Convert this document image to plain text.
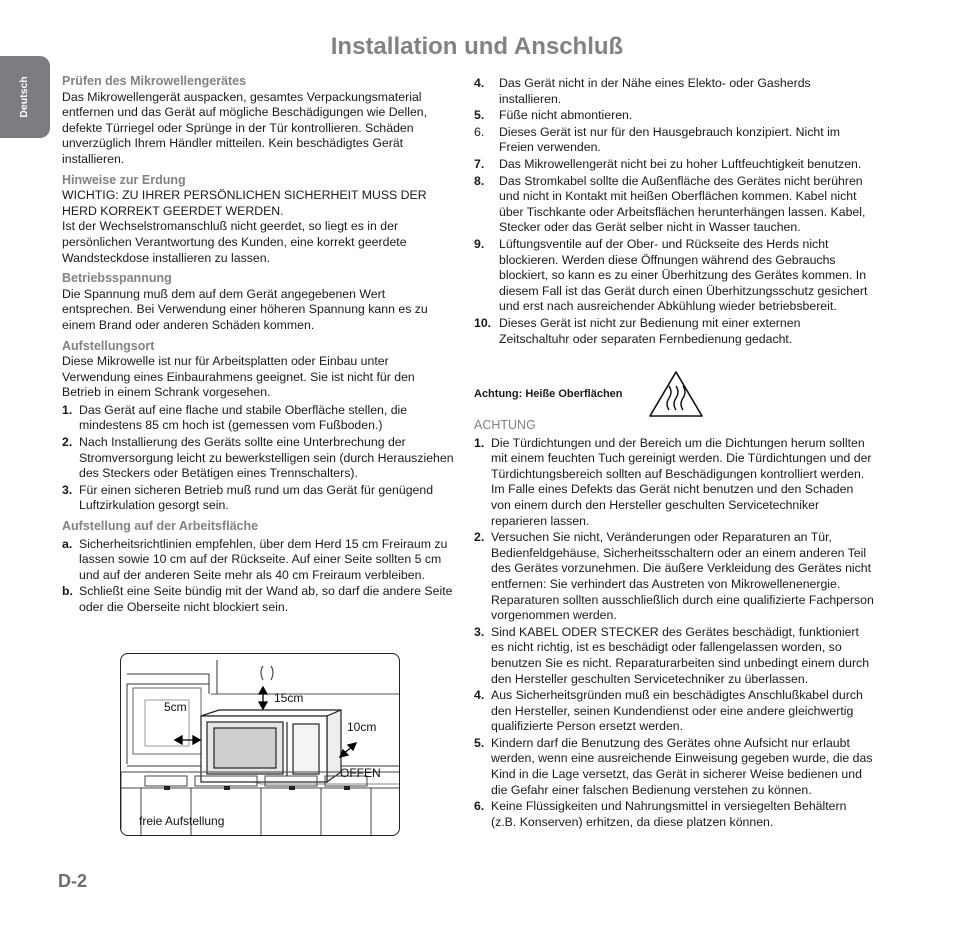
Installation und Anschluß
Deutsch
D-2

Prüfen des Mikrowellengerätes

Das Mikrowellengerät auspacken, gesamtes Verpackungsmaterial entfernen und das Gerät auf mögliche Beschädigungen wie Dellen, defekte Türriegel oder Sprünge in der Tür kontrollieren. Schäden unverzüglich Ihrem Händler mitteilen. Kein beschädigtes Gerät installieren.

Hinweise zur Erdung

WICHTIG: ZU IHRER PERSÖNLICHEN SICHERHEIT MUSS DER HERD KORREKT GEERDET WERDEN.

Ist der Wechselstromanschluß nicht geerdet, so liegt es in der persönlichen Verantwortung des Kunden, eine korrekt geerdete Wandsteckdose installieren zu lassen.

Betriebsspannung

Die Spannung muß dem auf dem Gerät angegebenen Wert entsprechen. Bei Verwendung einer höheren Spannung kann es zu einem Brand oder anderen Schäden kommen.

Aufstellungsort

Diese Mikrowelle ist nur für Arbeitsplatten oder Einbau unter Verwendung eines Einbaurahmens geeignet. Sie ist nicht für den Betrieb in einem Schrank vorgesehen.

1. Das Gerät auf eine flache und stabile Oberfläche stellen, die mindestens 85 cm hoch ist (gemessen vom Fußboden.)
2. Nach Installierung des Geräts sollte eine Unterbrechung der Stromversorgung leicht zu bewerkstelligen sein (durch Herausziehen des Steckers oder Betätigen eines Trennschalters).
3. Für einen sicheren Betrieb muß rund um das Gerät für genügend Luftzirkulation gesorgt sein.

Aufstellung auf der Arbeitsfläche

a. Sicherheitsrichtlinien empfehlen, über dem Herd 15 cm Freiraum zu lassen sowie 10 cm auf der Rückseite. Auf einer Seite sollten 5 cm und auf der anderen Seite mehr als 40 cm Freiraum verbleiben.
b. Schließt eine Seite bündig mit der Wand ab, so darf die andere Seite oder die Oberseite nicht blockiert sein.
5cm
15cm
10cm
OFFEN
freie Aufstellung
4. Das Gerät nicht in der Nähe eines Elekto- oder Gasherds installieren.
5. Füße nicht abmontieren.
6. Dieses Gerät ist nur für den Hausgebrauch konzipiert. Nicht im Freien verwenden.
7. Das Mikrowellengerät nicht bei zu hoher Luftfeuchtigkeit benutzen.
8. Das Stromkabel sollte die Außenfläche des Gerätes nicht berühren und nicht in Kontakt mit heißen Oberflächen kommen. Kabel nicht über Tischkante oder Arbeitsflächen herunterhängen lassen. Kabel, Stecker oder das Gerät selber nicht in Wasser tauchen.
9. Lüftungsventile auf der Ober- und Rückseite des Herds nicht blockieren. Werden diese Öffnungen während des Gebrauchs blockiert, so kann es zu einer Überhitzung des Gerätes kommen. In diesem Fall ist das Gerät durch einen Überhitzungsschutz gesichert und erst nach ausreichender Abkühlung wieder betriebsbereit.
10. Dieses Gerät ist nicht zur Bedienung mit einer externen Zeitschaltuhr oder separaten Fernbedienung gedacht.
Achtung: Heiße Oberflächen

ACHTUNG

1. Die Türdichtungen und der Bereich um die Dichtungen herum sollten mit einem feuchten Tuch gereinigt werden. Die Türdichtungen und der Türdichtungsbereich sollten auf Beschädigungen kontrolliert werden. Im Falle eines Defekts das Gerät nicht benutzen und den Schaden von einem durch den Hersteller geschulten Servicetechniker reparieren lassen.
2. Versuchen Sie nicht, Veränderungen oder Reparaturen an Tür, Bedienfeldgehäuse, Sicherheitsschaltern oder an einem anderen Teil des Gerätes vorzunehmen. Die äußere Verkleidung des Gerätes nicht entfernen: Sie verhindert das Austreten von Mikrowellenenergie. Reparaturen sollten ausschließlich durch eine qualifizierte Fachperson vorgenommen werden.
3. Sind KABEL ODER STECKER des Gerätes beschädigt, funktioniert es nicht richtig, ist es beschädigt oder fallengelassen worden, so benutzen Sie es nicht. Reparaturarbeiten sind unbedingt einem durch den Hersteller geschulten Servicetechniker zu überlassen.
4. Aus Sicherheitsgründen muß ein beschädigtes Anschlußkabel durch den Hersteller, seinen Kundendienst oder eine andere gleichwertig qualifizierte Person ersetzt werden.
5. Kindern darf die Benutzung des Gerätes ohne Aufsicht nur erlaubt werden, wenn eine ausreichende Einweisung gegeben wurde, die das Kind in die Lage versetzt, das Gerät in sicherer Weise bedienen und die Gefahr einer falschen Bedienung verstehen zu können.
6. Keine Flüssigkeiten und Nahrungsmittel in versiegelten Behältern (z.B. Konserven) erhitzen, da diese platzen können.
